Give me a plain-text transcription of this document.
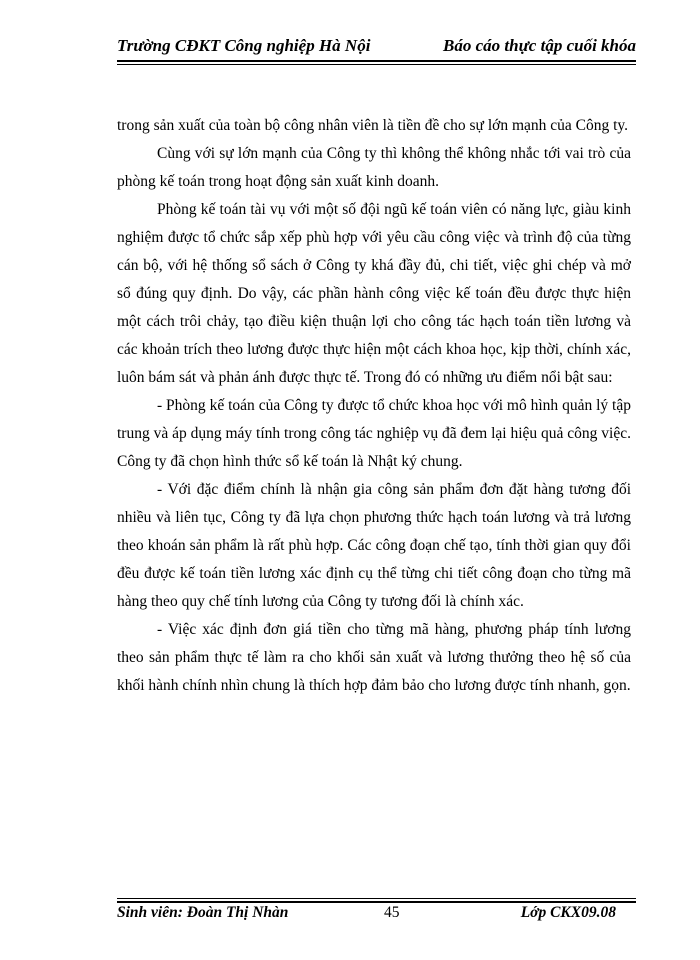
Trường CĐKT Công nghiệp Hà Nội	Báo cáo thực tập cuối khóa

trong sản xuất của toàn bộ công nhân viên là tiền đề cho sự lớn mạnh của Công ty.

Cùng với sự lớn mạnh của Công ty thì không thể không nhắc tới vai trò của phòng kế toán trong hoạt động sản xuất kinh doanh.

Phòng kế toán tài vụ với một số đội ngũ kế toán viên có năng lực, giàu kinh nghiệm được tổ chức sắp xếp phù hợp với yêu cầu công việc và trình độ của từng cán bộ, với hệ thống sổ sách ở Công ty khá đầy đủ, chi tiết, việc ghi chép và mở sổ đúng quy định. Do vậy, các phần hành công việc kế toán đều được thực hiện một cách trôi chảy, tạo điều kiện thuận lợi cho công tác hạch toán tiền lương và các khoản trích theo lương được thực hiện một cách khoa học, kịp thời, chính xác, luôn bám sát và phản ánh được thực tế. Trong đó có những ưu điểm nổi bật sau:

- Phòng kế toán của Công ty được tổ chức khoa học với mô hình quản lý tập trung và áp dụng máy tính trong công tác nghiệp vụ đã đem lại hiệu quả công việc. Công ty đã chọn hình thức sổ kế toán là Nhật ký chung.

- Với đặc điểm chính là nhận gia công sản phẩm đơn đặt hàng tương đối nhiều và liên tục, Công ty đã lựa chọn phương thức hạch toán lương và trả lương theo khoán sản phẩm là rất phù hợp. Các công đoạn chế tạo, tính thời gian quy đổi đều được kế toán tiền lương xác định cụ thể từng chi tiết công đoạn cho từng mã hàng theo quy chế tính lương của Công ty tương đối là chính xác.

- Việc xác định đơn giá tiền cho từng mã hàng, phương pháp tính lương theo sản phẩm thực tế làm ra cho khối sản xuất và lương thưởng theo hệ số của khối hành chính nhìn chung là thích hợp đảm bảo cho lương được tính nhanh, gọn.

Sinh viên: Đoàn Thị Nhàn	45	Lớp CKX09.08
